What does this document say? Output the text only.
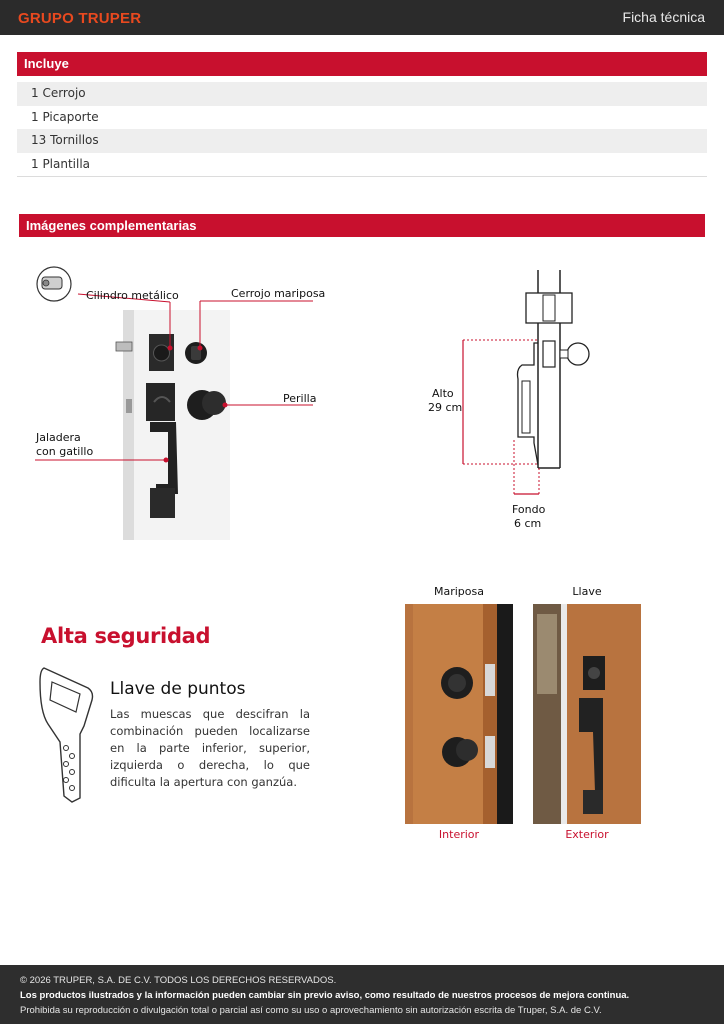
GRUPO TRUPER	Ficha técnica
Incluye
1 Cerrojo
1 Picaporte
13 Tornillos
1 Plantilla
Imágenes complementarias
Cilindro metálico	Cerrojo mariposa
Perilla
Jaladera
con gatillo
Alto
29 cm
Fondo
6 cm
Alta seguridad
Llave de puntos
Las muescas que descifran la combinación pueden localizarse en la parte inferior, superior, izquierda o derecha, lo que dificulta la apertura con ganzúa.
Mariposa	Llave
Interior	Exterior
© 2026 TRUPER, S.A. DE C.V. TODOS LOS DERECHOS RESERVADOS.
Los productos ilustrados y la información pueden cambiar sin previo aviso, como resultado de nuestros procesos de mejora continua.
Prohibida su reproducción o divulgación total o parcial así como su uso o aprovechamiento sin autorización escrita de Truper, S.A. de C.V.
